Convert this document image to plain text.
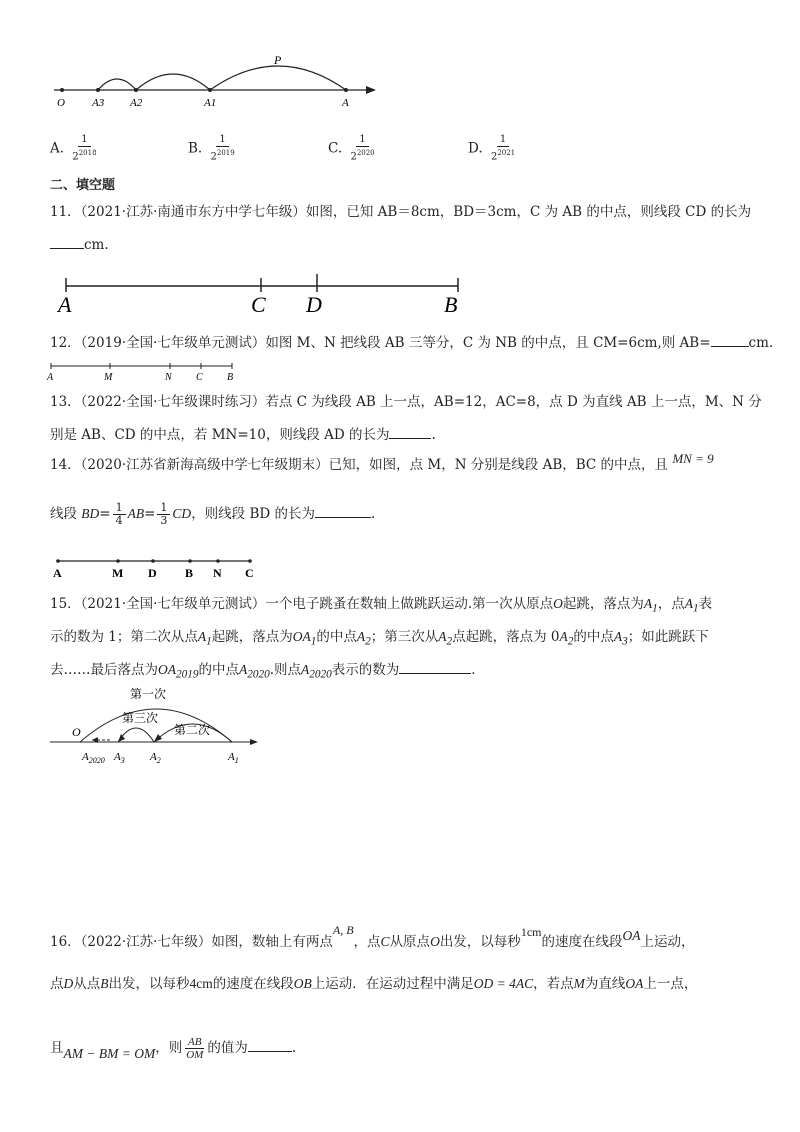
P
O A3 A2	A1	A
A. $\frac{1}{2^{2018}}$	B. $\frac{1}{2^{2019}}$	C. $\frac{1}{2^{2020}}$	D. $\frac{1}{2^{2021}}$
二、填空题
11．（2021·江苏·南通市东方中学七年级）如图，已知 AB＝8cm，BD＝3cm，C 为 AB 的中点，则线段 CD 的长为
cm.
A	C D	B
12．（2019·全国·七年级单元测试）如图 M、N 把线段 AB 三等分，C 为 NB 的中点，且 CM=6cm,则 AB=	cm.
A	M	N C B
13．（2022·全国·七年级课时练习）若点 C 为线段 AB 上一点，AB=12，AC=8，点 D 为直线 AB 上一点，M、N 分
别是 AB、CD 的中点，若 MN=10，则线段 AD 的长为	.
14．（2020·江苏省新海高级中学七年级期末）已知，如图，点 M，N 分别是线段 AB，BC 的中点，且 MN = 9
线段 $BD= \frac{1}{4} AB= \frac{1}{3}$ CD，则线段 BD 的长为	.
A	M D B N C
15．（2021·全国·七年级单元测试）一个电子跳蚤在数轴上做跳跃运动.第一次从原点O起跳，落点为$A_1$，点$A_1$表
示的数为 1；第二次从点$A_1$起跳，落点为$OA_1$的中点$A_2$；第三次从$A_2$点起跳，落点为 $0A_2$的中点$A_3$；如此跳跃下
去……最后落点为$OA_{2019}$的中点$A_{2020}$.则点$A_{2020}$表示的数为	.
第一次
第三次
第二次
O
$A_{2020}$ $A_3$ $A_2$	$A_1$
16．（2022·江苏·七年级）如图，数轴上有两点A, B，点C从原点O出发，以每秒1cm的速度在线段OA上运动，
点D从点B出发，以每秒4cm的速度在线段OB上运动．在运动过程中满足OD = 4AC，若点M为直线OA上一点，
且AM − BM = OM，则 $\frac{AB}{OM}$ 的值为	.
